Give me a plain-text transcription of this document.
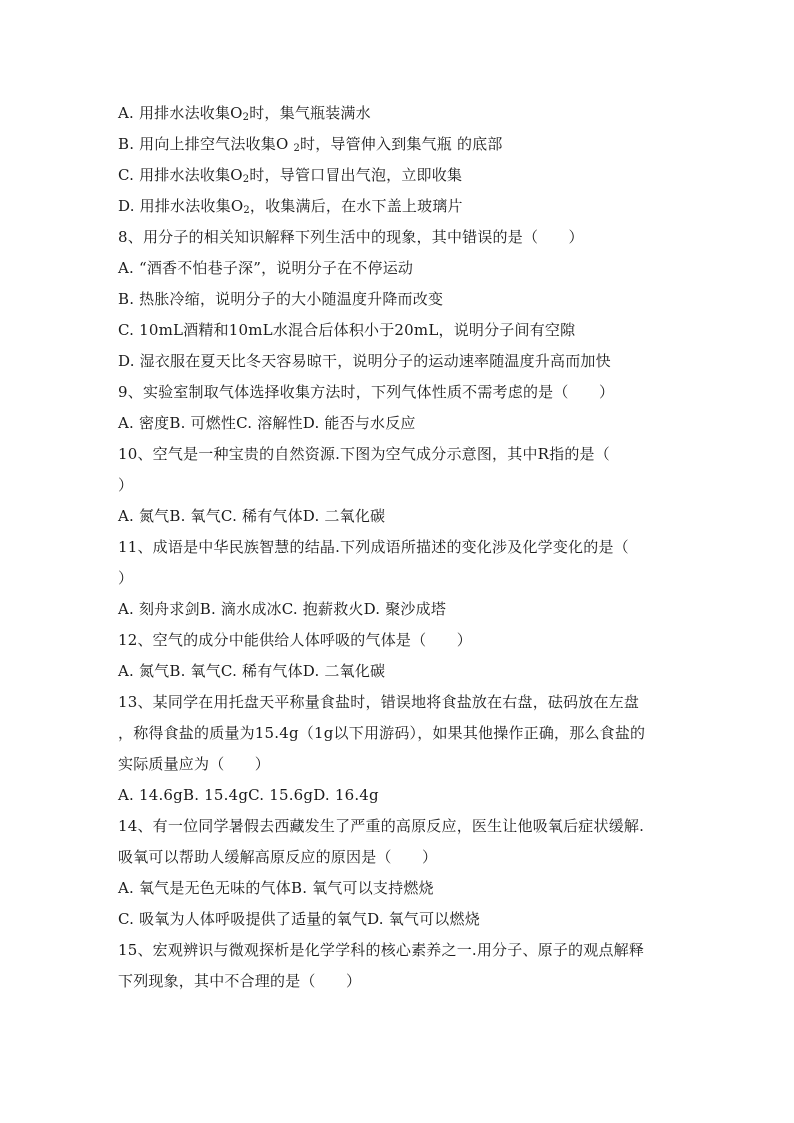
A. 用排水法收集$O_2$时，集气瓶装满水
B. 用向上排空气法收集O $_2$时，导管伸入到集气瓶 的底部
C. 用排水法收集$O_2$时，导管口冒出气泡，立即收集
D. 用排水法收集$O_2$，收集满后，在水下盖上玻璃片
8、用分子的相关知识解释下列生活中的现象，其中错误的是（　　）
A. “酒香不怕巷子深”，说明分子在不停运动
B. 热胀冷缩，说明分子的大小随温度升降而改变
C. 10mL酒精和10mL水混合后体积小于20mL，说明分子间有空隙
D. 湿衣服在夏天比冬天容易晾干，说明分子的运动速率随温度升高而加快
9、实验室制取气体选择收集方法时，下列气体性质不需考虑的是（　　）
A. 密度B. 可燃性C. 溶解性D. 能否与水反应
10、空气是一种宝贵的自然资源.下图为空气成分示意图，其中R指的是（
）
A. 氮气B. 氧气C. 稀有气体D. 二氧化碳
11、成语是中华民族智慧的结晶.下列成语所描述的变化涉及化学变化的是（
）
A. 刻舟求剑B. 滴水成冰C. 抱薪救火D. 聚沙成塔
12、空气的成分中能供给人体呼吸的气体是（　　）
A. 氮气B. 氧气C. 稀有气体D. 二氧化碳
13、某同学在用托盘天平称量食盐时，错误地将食盐放在右盘，砝码放在左盘
，称得食盐的质量为15.4g（1g以下用游码），如果其他操作正确，那么食盐的
实际质量应为（　　）
A. 14.6gB. 15.4gC. 15.6gD. 16.4g
14、有一位同学暑假去西藏发生了严重的高原反应，医生让他吸氧后症状缓解.
吸氧可以帮助人缓解高原反应的原因是（　　）
A. 氧气是无色无味的气体B. 氧气可以支持燃烧
C. 吸氧为人体呼吸提供了适量的氧气D. 氧气可以燃烧
15、宏观辨识与微观探析是化学学科的核心素养之一.用分子、原子的观点解释
下列现象，其中不合理的是（　　）
